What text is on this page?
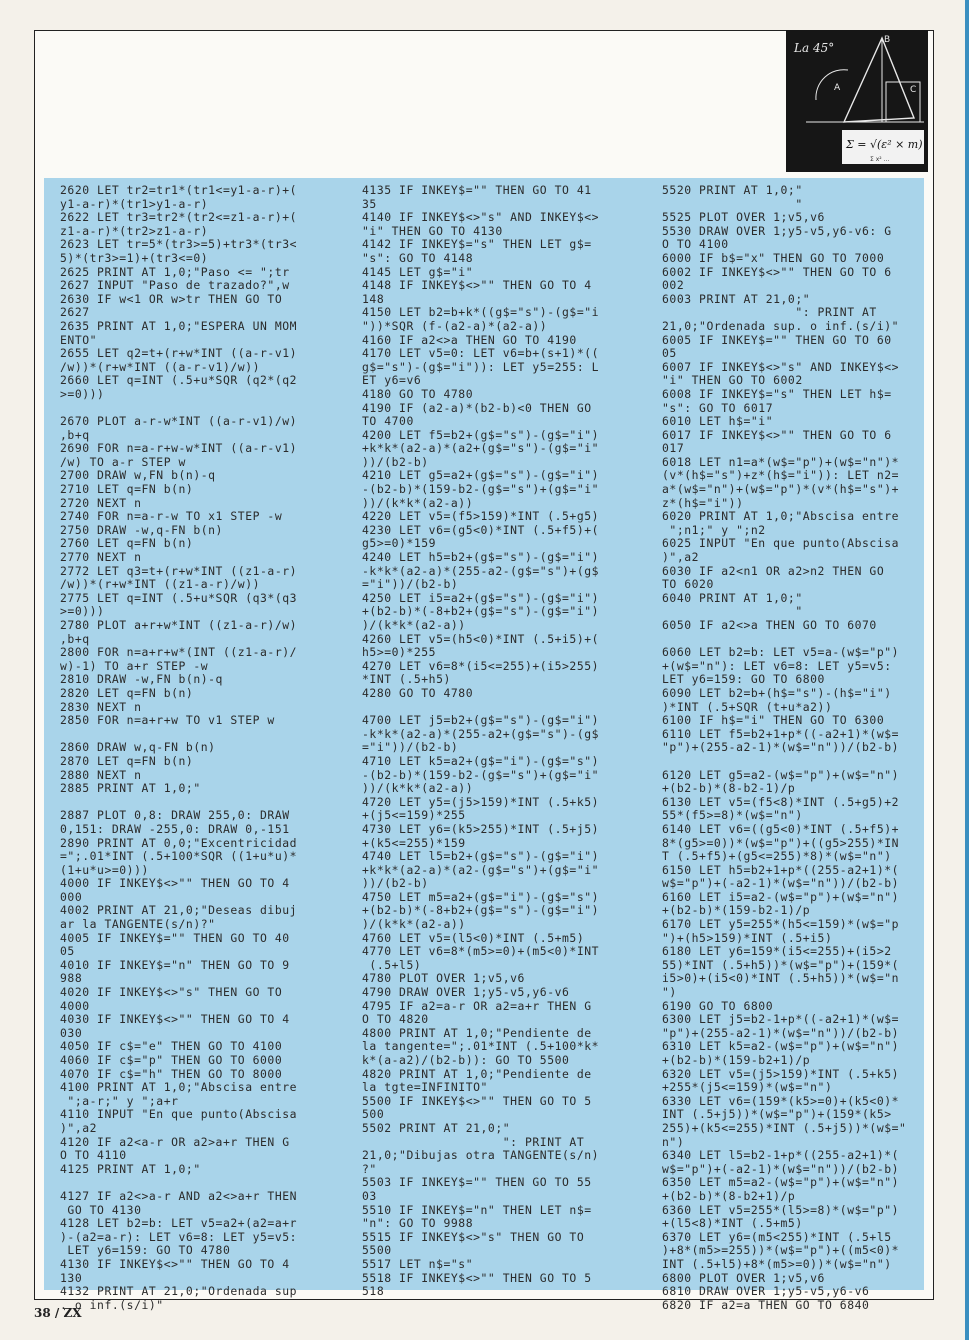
La 45°
B
A	C
Σ = √(ε² × m)
Σ x² ...
2620 LET tr2=tr1*(tr1<=y1-a-r)+(
y1-a-r)*(tr1>y1-a-r)
2622 LET tr3=tr2*(tr2<=z1-a-r)+(
z1-a-r)*(tr2>z1-a-r)
2623 LET tr=5*(tr3>=5)+tr3*(tr3<
5)*(tr3>=1)+(tr3<=0)
2625 PRINT AT 1,0;"Paso <= ";tr
2627 INPUT "Paso de trazado?",w
2630 IF w<1 OR w>tr THEN GO TO
2627
2635 PRINT AT 1,0;"ESPERA UN MOM
ENTO"
2655 LET q2=t+(r+w*INT ((a-r-v1)
/w))*(r+w*INT ((a-r-v1)/w))
2660 LET q=INT (.5+u*SQR (q2*(q2
>=0)))
2670 PLOT a-r-w*INT ((a-r-v1)/w)
,b+q
2690 FOR n=a-r+w-w*INT ((a-r-v1)
/w) TO a-r STEP w
2700 DRAW w,FN b(n)-q
2710 LET q=FN b(n)
2720 NEXT n
2740 FOR n=a-r-w TO x1 STEP -w
2750 DRAW -w,q-FN b(n)
2760 LET q=FN b(n)
2770 NEXT n
2772 LET q3=t+(r+w*INT ((z1-a-r)
/w))*(r+w*INT ((z1-a-r)/w))
2775 LET q=INT (.5+u*SQR (q3*(q3
>=0)))
2780 PLOT a+r+w*INT ((z1-a-r)/w)
,b+q
2800 FOR n=a+r+w*(INT ((z1-a-r)/
w)-1) TO a+r STEP -w
2810 DRAW -w,FN b(n)-q
2820 LET q=FN b(n)
2830 NEXT n
2850 FOR n=a+r+w TO v1 STEP w
2860 DRAW w,q-FN b(n)
2870 LET q=FN b(n)
2880 NEXT n
2885 PRINT AT 1,0;"
2887 PLOT 0,8: DRAW 255,0: DRAW
0,151: DRAW -255,0: DRAW 0,-151
2890 PRINT AT 0,0;"Excentricidad
=";.01*INT (.5+100*SQR ((1+u*u)*
(1+u*u>=0)))
4000 IF INKEY$<>"" THEN GO TO 4
000
4002 PRINT AT 21,0;"Deseas dibuj
ar la TANGENTE(s/n)?"
4005 IF INKEY$="" THEN GO TO 40
05
4010 IF INKEY$="n" THEN GO TO 9
988
4020 IF INKEY$<>"s" THEN GO TO
4000
4030 IF INKEY$<>"" THEN GO TO 4
030
4050 IF c$="e" THEN GO TO 4100
4060 IF c$="p" THEN GO TO 6000
4070 IF c$="h" THEN GO TO 8000
4100 PRINT AT 1,0;"Abscisa entre
";a-r;" y ";a+r
4110 INPUT "En que punto(Abscisa
)",a2
4120 IF a2<a-r OR a2>a+r THEN G
O TO 4110
4125 PRINT AT 1,0;"
4127 IF a2<>a-r AND a2<>a+r THEN
GO TO 4130
4128 LET b2=b: LET v5=a2+(a2=a+r
)-(a2=a-r): LET v6=8: LET y5=v5:
LET y6=159: GO TO 4780
4130 IF INKEY$<>"" THEN GO TO 4
130
4132 PRINT AT 21,0;"Ordenada sup
. o inf.(s/i)"
4135 IF INKEY$="" THEN GO TO 41
35
4140 IF INKEY$<>"s" AND INKEY$<>
"i" THEN GO TO 4130
4142 IF INKEY$="s" THEN LET g$=
"s": GO TO 4148
4145 LET g$="i"
4148 IF INKEY$<>"" THEN GO TO 4
148
4150 LET b2=b+k*((g$="s")-(g$="i
"))*SQR (f-(a2-a)*(a2-a))
4160 IF a2<>a THEN GO TO 4190
4170 LET v5=0: LET v6=b+(s+1)*((
g$="s")-(g$="i")): LET y5=255: L
ET y6=v6
4180 GO TO 4780
4190 IF (a2-a)*(b2-b)<0 THEN GO
TO 4700
4200 LET f5=b2+(g$="s")-(g$="i")
+k*k*(a2-a)*(a2+(g$="s")-(g$="i"
))/(b2-b)
4210 LET g5=a2+(g$="s")-(g$="i")
-(b2-b)*(159-b2-(g$="s")+(g$="i"
))/(k*k*(a2-a))
4220 LET v5=(f5>159)*INT (.5+g5)
4230 LET v6=(g5<0)*INT (.5+f5)+(
g5>=0)*159
4240 LET h5=b2+(g$="s")-(g$="i")
-k*k*(a2-a)*(255-a2-(g$="s")+(g$
="i"))/(b2-b)
4250 LET i5=a2+(g$="s")-(g$="i")
+(b2-b)*(-8+b2+(g$="s")-(g$="i")
)/(k*k*(a2-a))
4260 LET v5=(h5<0)*INT (.5+i5)+(
h5>=0)*255
4270 LET v6=8*(i5<=255)+(i5>255)
*INT (.5+h5)
4280 GO TO 4780
4700 LET j5=b2+(g$="s")-(g$="i")
-k*k*(a2-a)*(255-a2+(g$="s")-(g$
="i"))/(b2-b)
4710 LET k5=a2+(g$="i")-(g$="s")
-(b2-b)*(159-b2-(g$="s")+(g$="i"
))/(k*k*(a2-a))
4720 LET y5=(j5>159)*INT (.5+k5)
+(j5<=159)*255
4730 LET y6=(k5>255)*INT (.5+j5)
+(k5<=255)*159
4740 LET l5=b2+(g$="s")-(g$="i")
+k*k*(a2-a)*(a2-(g$="s")+(g$="i"
))/(b2-b)
4750 LET m5=a2+(g$="i")-(g$="s")
+(b2-b)*(-8+b2+(g$="s")-(g$="i")
)/(k*k*(a2-a))
4760 LET v5=(l5<0)*INT (.5+m5)
4770 LET v6=8*(m5>=0)+(m5<0)*INT
(.5+l5)
4780 PLOT OVER 1;v5,v6
4790 DRAW OVER 1;y5-v5,y6-v6
4795 IF a2=a-r OR a2=a+r THEN G
O TO 4820
4800 PRINT AT 1,0;"Pendiente de
la tangente=";.01*INT (.5+100*k*
k*(a-a2)/(b2-b)): GO TO 5500
4820 PRINT AT 1,0;"Pendiente de
la tgte=INFINITO"
5500 IF INKEY$<>"" THEN GO TO 5
500
5502 PRINT AT 21,0;"
": PRINT AT
21,0;"Dibujas otra TANGENTE(s/n)
?"
5503 IF INKEY$="" THEN GO TO 55
03
5510 IF INKEY$="n" THEN LET n$=
"n": GO TO 9988
5515 IF INKEY$<>"s" THEN GO TO
5500
5517 LET n$="s"
5518 IF INKEY$<>"" THEN GO TO 5
518
5520 PRINT AT 1,0;"
"
5525 PLOT OVER 1;v5,v6
5530 DRAW OVER 1;y5-v5,y6-v6: G
O TO 4100
6000 IF b$="x" THEN GO TO 7000
6002 IF INKEY$<>"" THEN GO TO 6
002
6003 PRINT AT 21,0;"
": PRINT AT
21,0;"Ordenada sup. o inf.(s/i)"
6005 IF INKEY$="" THEN GO TO 60
05
6007 IF INKEY$<>"s" AND INKEY$<>
"i" THEN GO TO 6002
6008 IF INKEY$="s" THEN LET h$=
"s": GO TO 6017
6010 LET h$="i"
6017 IF INKEY$<>"" THEN GO TO 6
017
6018 LET n1=a*(w$="p")+(w$="n")*
(v*(h$="s")+z*(h$="i")): LET n2=
a*(w$="n")+(w$="p")*(v*(h$="s")+
z*(h$="i"))
6020 PRINT AT 1,0;"Abscisa entre
";n1;" y ";n2
6025 INPUT "En que punto(Abscisa
)",a2
6030 IF a2<n1 OR a2>n2 THEN GO
TO 6020
6040 PRINT AT 1,0;"
"
6050 IF a2<>a THEN GO TO 6070
6060 LET b2=b: LET v5=a-(w$="p")
+(w$="n"): LET v6=8: LET y5=v5:
LET y6=159: GO TO 6800
6090 LET b2=b+(h$="s")-(h$="i")
)*INT (.5+SQR (t+u*a2))
6100 IF h$="i" THEN GO TO 6300
6110 LET f5=b2+1+p*((-a2+1)*(w$=
"p")+(255-a2-1)*(w$="n"))/(b2-b)
6120 LET g5=a2-(w$="p")+(w$="n")
+(b2-b)*(8-b2-1)/p
6130 LET v5=(f5<8)*INT (.5+g5)+2
55*(f5>=8)*(w$="n")
6140 LET v6=((g5<0)*INT (.5+f5)+
8*(g5>=0))*(w$="p")+((g5>255)*IN
T (.5+f5)+(g5<=255)*8)*(w$="n")
6150 LET h5=b2+1+p*((255-a2+1)*(
w$="p")+(-a2-1)*(w$="n"))/(b2-b)
6160 LET i5=a2-(w$="p")+(w$="n")
+(b2-b)*(159-b2-1)/p
6170 LET y5=255*(h5<=159)*(w$="p
")+(h5>159)*INT (.5+i5)
6180 LET y6=159*(i5<=255)+(i5>2
55)*INT (.5+h5))*(w$="p")+(159*(
i5>0)+(i5<0)*INT (.5+h5))*(w$="n
")
6190 GO TO 6800
6300 LET j5=b2-1+p*((-a2+1)*(w$=
"p")+(255-a2-1)*(w$="n"))/(b2-b)
6310 LET k5=a2-(w$="p")+(w$="n")
+(b2-b)*(159-b2+1)/p
6320 LET v5=(j5>159)*INT (.5+k5)
+255*(j5<=159)*(w$="n")
6330 LET v6=(159*(k5>=0)+(k5<0)*
INT (.5+j5))*(w$="p")+(159*(k5>
255)+(k5<=255)*INT (.5+j5))*(w$="
n")
6340 LET l5=b2-1+p*((255-a2+1)*(
w$="p")+(-a2-1)*(w$="n"))/(b2-b)
6350 LET m5=a2-(w$="p")+(w$="n")
+(b2-b)*(8-b2+1)/p
6360 LET v5=255*(l5>=8)*(w$="p")
+(l5<8)*INT (.5+m5)
6370 LET y6=(m5<255)*INT (.5+l5
)+8*(m5>=255))*(w$="p")+((m5<0)*
INT (.5+l5)+8*(m5>=0))*(w$="n")
6800 PLOT OVER 1;v5,v6
6810 DRAW OVER 1;y5-v5,y6-v6
6820 IF a2=a THEN GO TO 6840
38 / ZX
